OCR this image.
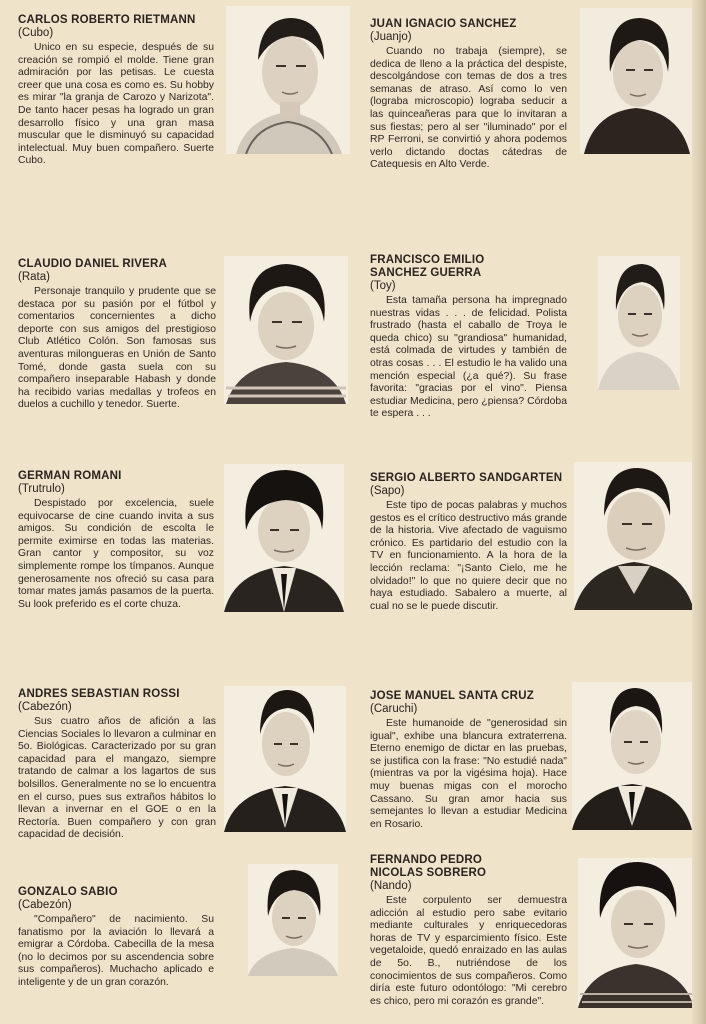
CARLOS ROBERTO RIETMANN
(Cubo)
Unico en su especie, después de su creación se rompió el molde. Tiene gran admiración por las petisas. Le cuesta creer que una cosa es como es. Su hobby es mirar "la granja de Carozo y Narizota". De tanto hacer pesas ha logrado un gran desarrollo físico y una gran masa muscular que le disminuyó su capacidad intelectual. Muy buen compañero. Suerte Cubo.
JUAN IGNACIO SANCHEZ
(Juanjo)
Cuando no trabaja (siempre), se dedica de lleno a la práctica del despiste, descolgándose con temas de dos a tres semanas de atraso. Así como lo ven (lograba microscopio) lograba seducir a las quinceañeras para que lo invitaran a sus fiestas; pero al ser "iluminado" por el RP Ferroni, se convirtió y ahora podemos verlo dictando doctas cátedras de Catequesis en Alto Verde.
CLAUDIO DANIEL RIVERA
(Rata)
Personaje tranquilo y prudente que se destaca por su pasión por el fútbol y comentarios concernientes a dicho deporte con sus amigos del prestigioso Club Atlético Colón. Son famosas sus aventuras milongueras en Unión de Santo Tomé, donde gasta suela con su compañero inseparable Habash y donde ha recibido varias medallas y trofeos en duelos a cuchillo y tenedor. Suerte.
FRANCISCO EMILIO
SANCHEZ GUERRA
(Toy)
Esta tamaña persona ha impregnado nuestras vidas . . . de felicidad. Polista frustrado (hasta el caballo de Troya le queda chico) su "grandiosa" humanidad, está colmada de virtudes y también de otras cosas . . . El estudio le ha valido una mención especial (¿a qué?). Su frase favorita: "gracias por el vino". Piensa estudiar Medicina, pero ¿piensa? Córdoba te espera . . .
GERMAN ROMANI
(Trutrulo)
Despistado por excelencia, suele equivocarse de cine cuando invita a sus amigos. Su condición de escolta le permite eximirse en todas las materias. Gran cantor y compositor, su voz simplemente rompe los tímpanos. Aunque generosamente nos ofreció su casa para tomar mates jamás pasamos de la puerta. Su look preferido es el corte chuza.
SERGIO ALBERTO SANDGARTEN
(Sapo)
Este tipo de pocas palabras y muchos gestos es el crítico destructivo más grande de la historia. Vive afectado de vaguismo crónico. Es partidario del estudio con la TV en funcionamiento. A la hora de la lección reclama: "¡Santo Cielo, me he olvidado!" lo que no quiere decir que no haya estudiado. Sabalero a muerte, al cual no se le puede discutir.
ANDRES SEBASTIAN ROSSI
(Cabezón)
Sus cuatro años de afición a las Ciencias Sociales lo llevaron a culminar en 5o. Biológicas. Caracterizado por su gran capacidad para el mangazo, siempre tratando de calmar a los lagartos de sus bolsillos. Generalmente no se lo encuentra en el curso, pues sus extraños hábitos lo llevan a invernar en el GOE o en la Rectoría. Buen compañero y con gran capacidad de decisión.
JOSE MANUEL SANTA CRUZ
(Caruchi)
Este humanoide de "generosidad sin igual", exhibe una blancura extraterrena. Eterno enemigo de dictar en las pruebas, se justifica con la frase: "No estudié nada" (mientras va por la vigésima hoja). Hace muy buenas migas con el morocho Cassano. Su gran amor hacia sus semejantes lo llevan a estudiar Medicina en Rosario.
GONZALO SABIO
(Cabezón)
"Compañero" de nacimiento. Su fanatismo por la aviación lo llevará a emigrar a Córdoba. Cabecilla de la mesa (no lo decimos por su ascendencia sobre sus compañeros). Muchacho aplicado e inteligente y de un gran corazón.
FERNANDO PEDRO
NICOLAS SOBRERO
(Nando)
Este corpulento ser demuestra adicción al estudio pero sabe evitario mediante culturales y enriquecedoras horas de TV y esparcimiento físico. Este vegetaloide, quedó enraizado en las aulas de 5o. B., nutriéndose de los conocimientos de sus compañeros. Como diría este futuro odontólogo: "Mi cerebro es chico, pero mi corazón es grande".
